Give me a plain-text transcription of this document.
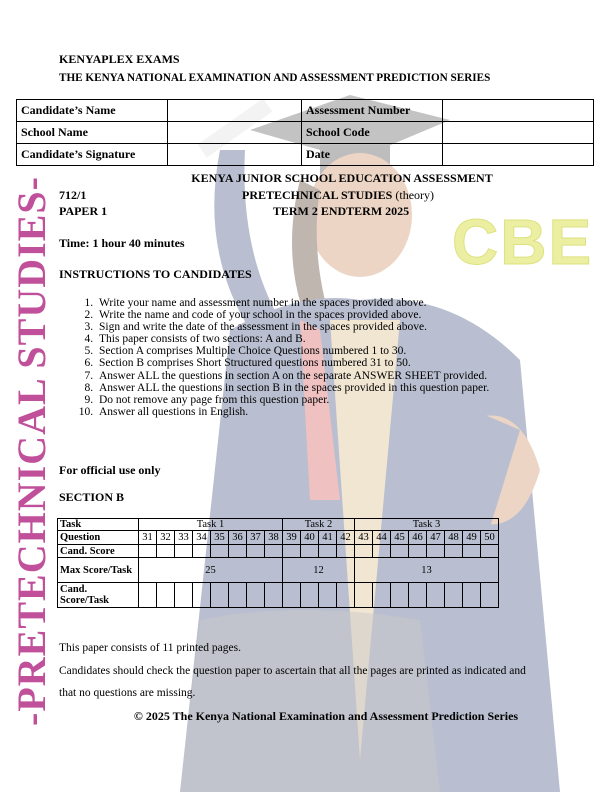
CBE
-PRETECHNICAL STUDIES-
KENYAPLEX EXAMS
THE KENYA NATIONAL EXAMINATION AND ASSESSMENT PREDICTION SERIES
Candidate’s Name		Assessment Number	
School Name		School Code	
Candidate’s Signature		Date	
KENYA JUNIOR SCHOOL EDUCATION ASSESSMENT
712/1	PRETECHNICAL STUDIES (theory)
PAPER 1	TERM 2 ENDTERM 2025
Time: 1 hour 40 minutes
INSTRUCTIONS TO CANDIDATES
1. Write your name and assessment number in the spaces provided above.
2. Write the name and code of your school in the spaces provided above.
3. Sign and write the date of the assessment in the spaces provided above.
4. This paper consists of two sections: A and B.
5. Section A comprises Multiple Choice Questions numbered 1 to 30.
6. Section B comprises Short Structured questions numbered 31 to 50.
7. Answer ALL the questions in section A on the separate ANSWER SHEET provided.
8. Answer ALL the questions in section B in the spaces provided in this question paper.
9. Do not remove any page from this question paper.
10. Answer all questions in English.
For official use only
SECTION B
Task	Task 1								Task 2				Task 3							
Question	31	32	33	34	35	36	37	38	39	40	41	42	43	44	45	46	47	48	49	50
Cand. Score																				
Max Score/Task	25								12				13							
Cand. Score/Task																				
This paper consists of 11 printed pages.
Candidates should check the question paper to ascertain that all the pages are printed as indicated and
that no questions are missing.
© 2025 The Kenya National Examination and Assessment Prediction Series
